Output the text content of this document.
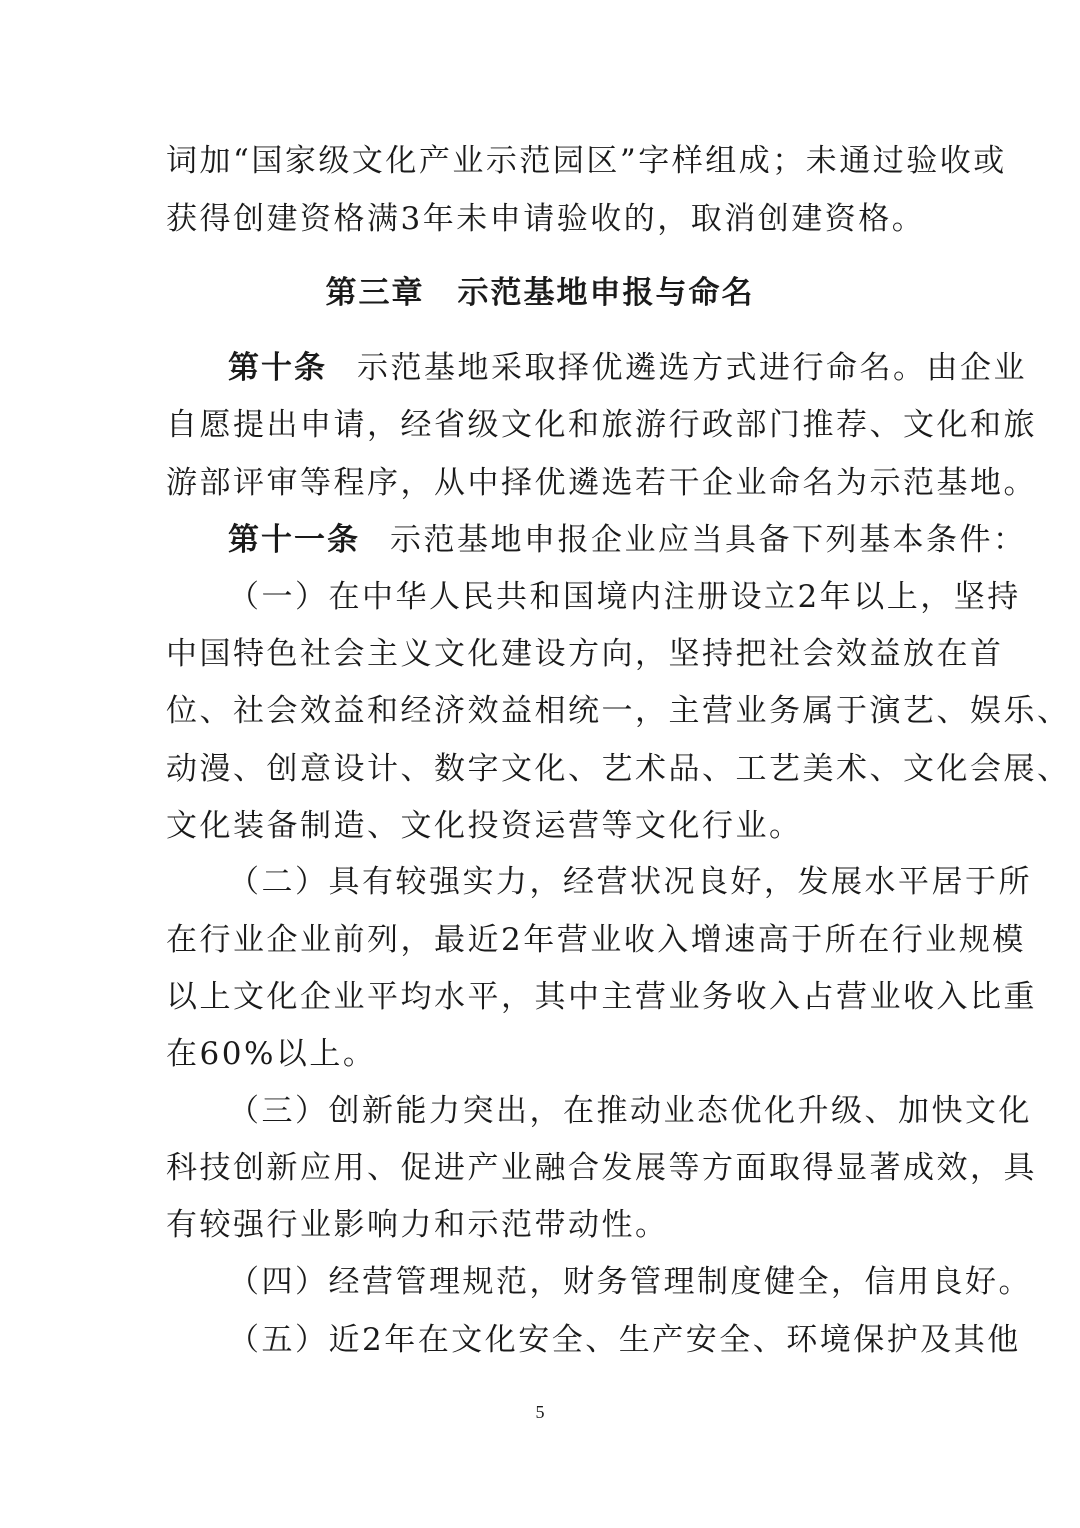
词加“国家级文化产业示范园区”字样组成；未通过验收或
获得创建资格满3年未申请验收的，取消创建资格。
第三章　示范基地申报与命名
第十条 示范基地采取择优遴选方式进行命名。由企业
自愿提出申请，经省级文化和旅游行政部门推荐、文化和旅
游部评审等程序，从中择优遴选若干企业命名为示范基地。
第十一条 示范基地申报企业应当具备下列基本条件：
（一）在中华人民共和国境内注册设立2年以上，坚持
中国特色社会主义文化建设方向，坚持把社会效益放在首
位、社会效益和经济效益相统一，主营业务属于演艺、娱乐、
动漫、创意设计、数字文化、艺术品、工艺美术、文化会展、
文化装备制造、文化投资运营等文化行业。
（二）具有较强实力，经营状况良好，发展水平居于所
在行业企业前列，最近2年营业收入增速高于所在行业规模
以上文化企业平均水平，其中主营业务收入占营业收入比重
在60%以上。
（三）创新能力突出，在推动业态优化升级、加快文化
科技创新应用、促进产业融合发展等方面取得显著成效，具
有较强行业影响力和示范带动性。
（四）经营管理规范，财务管理制度健全，信用良好。
（五）近2年在文化安全、生产安全、环境保护及其他
5
